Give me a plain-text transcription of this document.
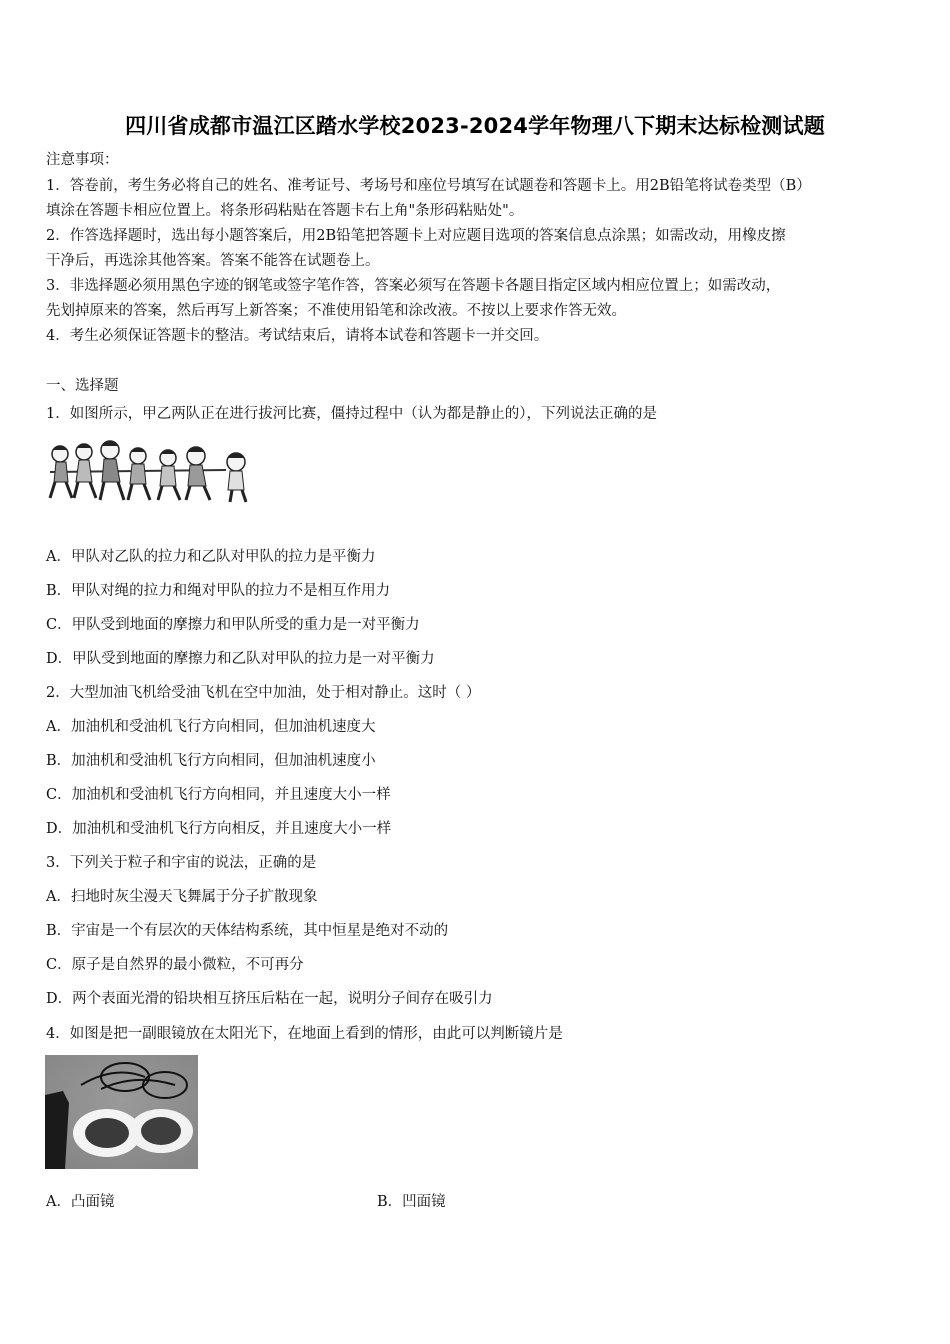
四川省成都市温江区踏水学校2023-2024学年物理八下期末达标检测试题
注意事项：
1．答卷前，考生务必将自己的姓名、准考证号、考场号和座位号填写在试题卷和答题卡上。用2B铅笔将试卷类型（B）
填涂在答题卡相应位置上。将条形码粘贴在答题卡右上角"条形码粘贴处"。
2．作答选择题时，选出每小题答案后，用2B铅笔把答题卡上对应题目选项的答案信息点涂黑；如需改动，用橡皮擦
干净后，再选涂其他答案。答案不能答在试题卷上。
3．非选择题必须用黑色字迹的钢笔或签字笔作答，答案必须写在答题卡各题目指定区域内相应位置上；如需改动，
先划掉原来的答案，然后再写上新答案；不准使用铅笔和涂改液。不按以上要求作答无效。
4．考生必须保证答题卡的整洁。考试结束后，请将本试卷和答题卡一并交回。
一、选择题
1．如图所示，甲乙两队正在进行拔河比赛，僵持过程中（认为都是静止的），下列说法正确的是
A．甲队对乙队的拉力和乙队对甲队的拉力是平衡力
B．甲队对绳的拉力和绳对甲队的拉力不是相互作用力
C．甲队受到地面的摩擦力和甲队所受的重力是一对平衡力
D．甲队受到地面的摩擦力和乙队对甲队的拉力是一对平衡力
2．大型加油飞机给受油飞机在空中加油，处于相对静止。这时（ ）
A．加油机和受油机飞行方向相同，但加油机速度大
B．加油机和受油机飞行方向相同，但加油机速度小
C．加油机和受油机飞行方向相同，并且速度大小一样
D．加油机和受油机飞行方向相反，并且速度大小一样
3．下列关于粒子和宇宙的说法，正确的是
A．扫地时灰尘漫天飞舞属于分子扩散现象
B．宇宙是一个有层次的天体结构系统，其中恒星是绝对不动的
C．原子是自然界的最小微粒，不可再分
D．两个表面光滑的铅块相互挤压后粘在一起，说明分子间存在吸引力
4．如图是把一副眼镜放在太阳光下，在地面上看到的情形，由此可以判断镜片是
A．凸面镜	B．凹面镜
